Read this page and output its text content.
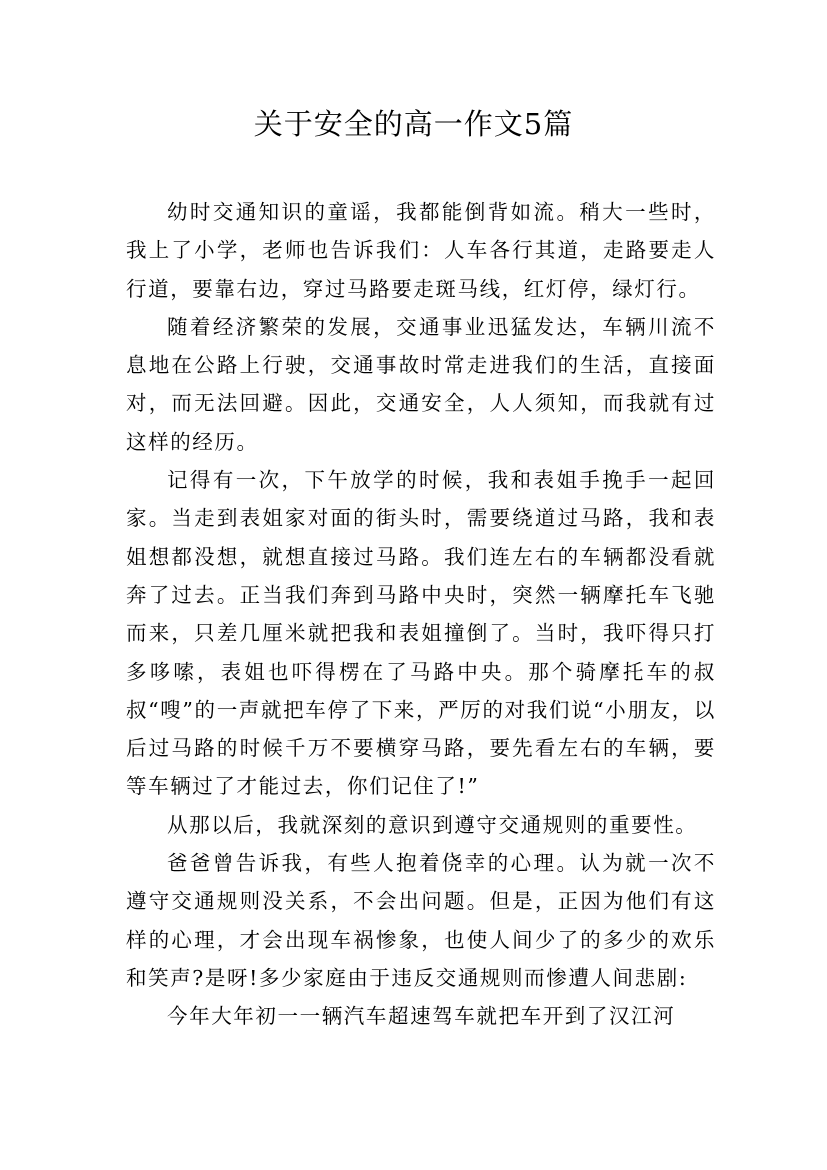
关于安全的高一作文5篇

幼时交通知识的童谣，我都能倒背如流。稍大一些时，我上了小学，老师也告诉我们：人车各行其道，走路要走人行道，要靠右边，穿过马路要走斑马线，红灯停，绿灯行。

随着经济繁荣的发展，交通事业迅猛发达，车辆川流不息地在公路上行驶，交通事故时常走进我们的生活，直接面对，而无法回避。因此，交通安全，人人须知，而我就有过这样的经历。

记得有一次，下午放学的时候，我和表姐手挽手一起回家。当走到表姐家对面的街头时，需要绕道过马路，我和表姐想都没想，就想直接过马路。我们连左右的车辆都没看就奔了过去。正当我们奔到马路中央时，突然一辆摩托车飞驰而来，只差几厘米就把我和表姐撞倒了。当时，我吓得只打多哆嗦，表姐也吓得楞在了马路中央。那个骑摩托车的叔叔“嗖”的一声就把车停了下来，严厉的对我们说“小朋友，以后过马路的时候千万不要横穿马路，要先看左右的车辆，要等车辆过了才能过去，你们记住了!”

从那以后，我就深刻的意识到遵守交通规则的重要性。

爸爸曾告诉我，有些人抱着侥幸的心理。认为就一次不遵守交通规则没关系，不会出问题。但是，正因为他们有这样的心理，才会出现车祸惨象，也使人间少了的多少的欢乐和笑声?是呀!多少家庭由于违反交通规则而惨遭人间悲剧:

今年大年初一一辆汽车超速驾车就把车开到了汉江河
